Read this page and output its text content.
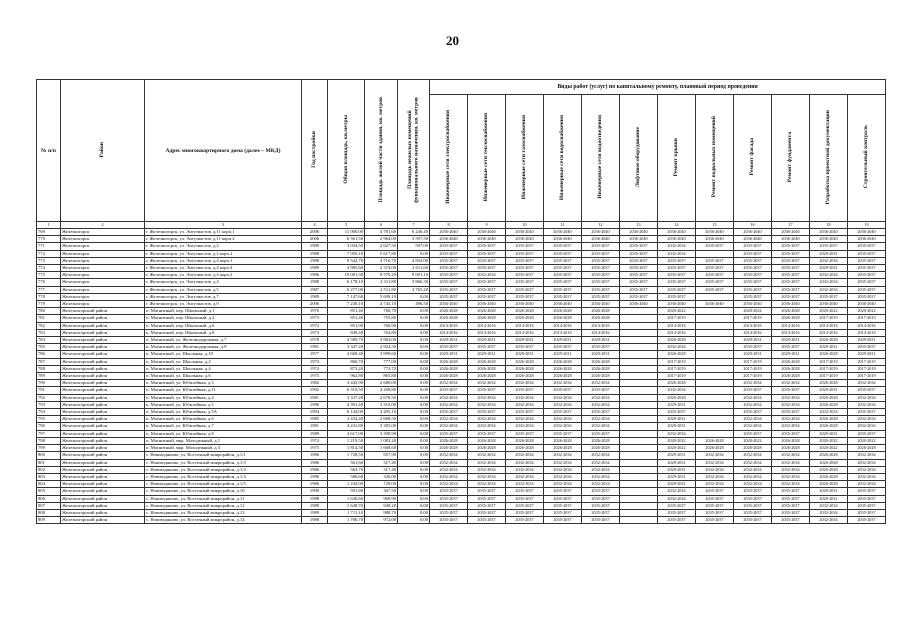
20
№ п/п	Район	Адрес многоквартирного дома (далее – МКД)	Год постройки	Общая площадь, кв.метры	Площадь жилой части здания, кв. метров	Площадь нежилых помещений функционального назначения, кв. метров	Виды работ (услуг) по капитальному ремонту, плановый период проведения											
							Инженерные сети электроснабжения	Инженерные сети теплоснабжения	Инженерные сети газоснабжения	Инженерные сети водоснабжения	Инженерные сети водоотведения	Лифтовое оборудование	Ремонт крыши	Ремонт подвальных помещений	Ремонт фасада	Ремонт фундамента	Разработка проектной документации	Строительный контроль
1	2	3	4	5	6	7	8	9	10	11	12	13	14	15	16	17	18	19
769	Железногорск	г. Железногорск, ул. Энтузиастов, д.11 корп.1	2006	11 000,00	4 781,60	6 246,40	2036-2040	2036-2040	2036-2040	2036-2040	2036-2040	2036-2040	2036-2040	2036-2040	2036-2040	2036-2040	2036-2040	2036-2040
770	Железногорск	г. Железногорск, ул. Энтузиастов, д.11 корп.2	2006	6 561,50	2 964,00	3 597,50	2036-2040	2036-2040	2036-2040	2036-2040	2036-2040	2036-2040	2036-2040	2036-2040	2036-2040	2036-2040	2036-2040	2036-2040
771	Железногорск	г. Железногорск, ул. Энтузиастов, д.2	1989	3 034,50	2 627,50	507,00	2035-2037	2035-2037	2035-2037	2035-2037	2035-2037	2035-2037	2032-2034	2035-2037	2035-2037	2035-2037	2035-2037	2035-2037
772	Железногорск	г. Железногорск, ул. Энтузиастов, д.2 корп.2	1988	7 050,10	5 617,80	0,00	2035-2037	2035-2037	2035-2037	2035-2037	2035-2037	2035-2037	2032-2034		2035-2037	2035-2037	2029-2031	2035-2037
773	Железногорск	г. Железногорск, ул. Энтузиастов, д.4 корп.1	1988	9 542,70	4 710,70	4 832,00	2035-2037	2035-2037	2035-2037	2035-2037	2035-2037	2035-2037	2035-2037	2035-2037	2035-2037	2035-2037	2032-2034	2035-2037
774	Железногорск	г. Железногорск, ул. Энтузиастов, д.4 корп.4	1989	4 985,60	2 374,00	2 611,60	2035-2037	2035-2037	2035-2037	2035-2037	2035-2037	2035-2037	2035-2037	2035-2037	2035-2037	2035-2037	2029-2031	2035-2037
775	Железногорск	г. Железногорск, ул. Энтузиастов, д.4 корп.2	1986	19 081,30	9 570,20	9 691,10	2035-2037	2032-2034	2035-2037	2035-2037	2035-2037	2035-2037	2035-2037	2035-2037	2035-2037	2035-2037	2032-2034	2035-2037
776	Железногорск	г. Железногорск, ул. Энтузиастов, д.4	1988	6 178,10	2 311,80	3 866,30	2035-2037	2035-2037	2035-2037	2035-2037	2035-2037	2035-2037	2035-2037	2035-2037	2035-2037	2035-2037	2032-2034	2035-2037
777	Железногорск	г. Железногорск, ул. Энтузиастов, д.5	1987	6 277,00	2 511,80	3 765,20	2035-2037	2035-2037	2035-2037	2035-2037	2035-2037	2035-2037	2035-2037	2035-2037	2035-2037	2035-2037	2032-2034	2035-2037
778	Железногорск	г. Железногорск, ул. Энтузиастов, д.7	1989	7 147,60	5 699,10	0,00	2035-2037	2035-2037	2035-2037	2035-2037	2035-2037	2035-2037	2035-2037		2035-2037	2035-2037	2035-2037	2035-2037
779	Железногорск	г. Железногорск, ул. Энтузиастов, д.9	2006	7 230,10	4 743,10	496,50	2036-2040	2036-2040	2036-2040	2036-2040	2036-2040	2036-2040	2036-2040	2036-2040	2036-2040	2036-2040	2036-2040	2036-2040
780	Железногорский район	п. Магнитный, пер. Школьный, д.1	1976	851,40	766,70	0,00	2026-2028	2026-2028	2026-2028	2026-2028	2026-2028		2020-2022		2020-2022	2026-2028	2020-2022	2020-2022
781	Железногорский район	п. Магнитный, пер. Школьный, д.2	1973	851,40	755,80	0,00	2026-2028	2026-2028	2026-2028	2026-2028	2026-2028		2017-2019		2017-2019	2026-2028	2017-2019	2017-2019
782	Железногорский район	п. Магнитный, пер. Школьный, д.6	1972	851,90	766,90	0,00	2014-2016	2014-2016	2014-2016	2014-2016	2014-2016		2014-2016		2014-2016	2014-2016	2014-2016	2014-2016
783	Железногорский район	п. Магнитный, пер. Школьный, д.8	1973	849,40	764,80	0,00	2014-2016	2014-2016	2014-2016	2014-2016	2014-2016		2014-2016		2014-2016	2014-2016	2014-2016	2014-2016
784	Железногорский район	п. Магнитный, ул. Железнодорожная, д.7	1978	4 589,70	3 963,00	0,00	2029-2031	2029-2031	2029-2031	2029-2031	2029-2031		2026-2028		2029-2031	2029-2031	2026-2028	2029-2031
785	Железногорский район	п. Магнитный, ул. Железнодорожная, д.9	1981	3 347,20	2 924,50	0,00	2035-2037	2035-2037	2035-2037	2035-2037	2035-2037		2032-2034		2035-2037	2035-2037	2029-2031	2035-2037
786	Железногорский район	п. Магнитный, ул. Школьная, д.10	1977	4 668,40	3 999,60	0,00	2029-2031	2029-2031	2029-2031	2029-2031	2029-2031		2026-2028		2029-2031	2029-2031	2026-2028	2029-2031
787	Железногорский район	п. Магнитный, ул. Школьная, д.2	1974	860,70	777,00	0,00	2026-2028	2026-2028	2026-2028	2026-2028	2026-2028		2017-2019		2017-2019	2026-2028	2017-2019	2017-2019
788	Железногорский район	п. Магнитный, ул. Школьная, д.4	1974	873,20	773,70	0,00	2026-2028	2026-2028	2026-2028	2026-2028	2026-2028		2017-2019		2017-2019	2026-2028	2017-2019	2017-2019
789	Железногорский район	п. Магнитный, ул. Школьная, д.6	1975	962,80	865,80	0,00	2026-2028	2026-2028	2026-2028	2026-2028	2026-2028		2017-2019		2017-2019	2026-2028	2017-2019	2017-2019
790	Железногорский район	п. Магнитный, ул. Юбилейная, д.3	1982	3 445,90	2 680,00	0,00	2032-2034	2032-2034	2032-2034	2032-2034	2032-2034		2026-2028		2032-2034	2032-2034	2026-2028	2032-2034
791	Железногорский район	п. Магнитный, ул. Юбилейная, д.11	1992	6 310,50	4 208,80	0,00	2035-2037	2035-2037	2035-2037	2035-2037	2035-2037		2032-2034		2035-2037	2035-2037	2029-2031	2035-2037
792	Железногорский район	п. Магнитный, ул. Юбилейная, д.4	1981	3 337,20	2 670,50	0,00	2032-2034	2032-2034	2032-2034	2032-2034	2032-2034		2026-2028		2032-2034	2032-2034	2026-2028	2032-2034
793	Железногорский район	п. Магнитный, ул. Юбилейная, д.5	1986	4 391,40	3 310,00	0,00	2032-2034	2032-2034	2032-2034	2032-2034	2032-2034		2029-2031		2032-2034	2032-2034	2026-2028	2032-2034
794	Железногорский район	п. Магнитный, ул. Юбилейная, д.5А	1994	6 144,00	4 295,10	0,00	2035-2037	2035-2037	2035-2037	2035-2037	2035-2037		2035-2037		2035-2037	2035-2037	2032-2034	2035-2037
795	Железногорский район	п. Магнитный, ул. Юбилейная, д.6	1985	3 432,40	2 668,50	0,00	2032-2034	2032-2034	2032-2034	2032-2034	2032-2034		2029-2031		2032-2034	2032-2034	2026-2028	2032-2034
796	Железногорский район	п. Магнитный, ул. Юбилейная, д.7	1981	4 241,80	3 305,00	0,00	2032-2034	2032-2034	2032-2034	2032-2034	2032-2034		2029-2031		2032-2034	2032-2034	2026-2028	2032-2034
797	Железногорский район	п. Магнитный, ул. Юбилейная, д.8	1989	4 617,00	3 399,90	0,00	2035-2037	2035-2037	2035-2037	2035-2037	2035-2037		2032-2034		2035-2037	2035-2037	2029-2031	2035-2037
798	Железногорский район	п. Магнитный, мкр. Молодежный, д.1	1974	1 219,50	1 083,20	0,00	2026-2028	2026-2028	2026-2028	2026-2028	2026-2028		2020-2022	2026-2028	2020-2022	2026-2028	2020-2022	2020-2022
799	Железногорский район	п. Магнитный, мкр. Молодежный, д.3	1975	1 814,50	1 668,60	0,00	2026-2028	2026-2028	2026-2028	2026-2028	2026-2028		2020-2022	2026-2028	2026-2028	2026-2028	2020-2022	2026-2028
800	Железногорский район	с. Нововодяново, ул. Восточный микрорайон, д.1/1	1986	1 728,50	957,90	0,00	2032-2034	2032-2034	2032-2034	2032-2034	2032-2034		2029-2031	2032-2034	2032-2034	2032-2034	2026-2028	2032-2034
801	Железногорский район	с. Нововодяново, ул. Восточный микрорайон, д.1/3	1986	561,60	317,40	0,00	2032-2034	2032-2034	2032-2034	2032-2034	2032-2034		2029-2031	2032-2034	2032-2034	2032-2034	2026-2028	2032-2034
802	Железногорский район	с. Нововодяново, ул. Восточный микрорайон, д.1/4	1986	563,70	317,40	0,00	2032-2034	2032-2034	2032-2034	2032-2034	2032-2034		2029-2031	2032-2034	2032-2034	2032-2034	2026-2028	2032-2034
803	Железногорский район	с. Нововодяново, ул. Восточный микрорайон, д.1/4	1986	586,60	320,00	0,00	2032-2034	2032-2034	2032-2034	2032-2034	2032-2034		2029-2031	2032-2034	2032-2034	2032-2034	2026-2028	2032-2034
804	Железногорский район	с. Нововодяново, ул. Восточный микрорайон, д.1/5	1986	1 244,90	729,00	0,00	2032-2034	2032-2034	2032-2034	2032-2034	2032-2034		2029-2031	2032-2034	2032-2034	2032-2034	2026-2028	2032-2034
805	Железногорский район	с. Нововодяново, ул. Восточный микрорайон, д.10	1990	591,80	367,50	0,00	2035-2037	2035-2037	2035-2037	2035-2037	2035-2037		2032-2034	2035-2037	2035-2037	2035-2037	2029-2031	2035-2037
806	Железногорский район	с. Нововодяново, ул. Восточный микрорайон, д.11	1988	1 630,60	969,90	0,00	2035-2037	2035-2037	2035-2037	2035-2037	2035-2037		2032-2034	2035-2037	2035-2037	2035-2037	2029-2031	2035-2037
807	Железногорский район	с. Нововодяново, ул. Восточный микрорайон, д.12	1989	1 648,70	949,20	0,00	2035-2037	2035-2037	2035-2037	2035-2037	2035-2037		2035-2037	2035-2037	2035-2037	2035-2037	2032-2034	2035-2037
808	Железногорский район	с. Нововодяново, ул. Восточный микрорайон, д.13	1989	1 711,10	988,70	0,00	2035-2037	2035-2037	2035-2037	2035-2037	2035-2037		2035-2037	2035-2037	2035-2037	2035-2037	2032-2034	2035-2037
809	Железногорский район	с. Нововодяново, ул. Восточный микрорайон, д.14	1988	1 706,70	972,00	0,00	2035-2037	2035-2037	2035-2037	2035-2037	2035-2037		2035-2037	2035-2037	2035-2037	2035-2037	2032-2034	2035-2037
